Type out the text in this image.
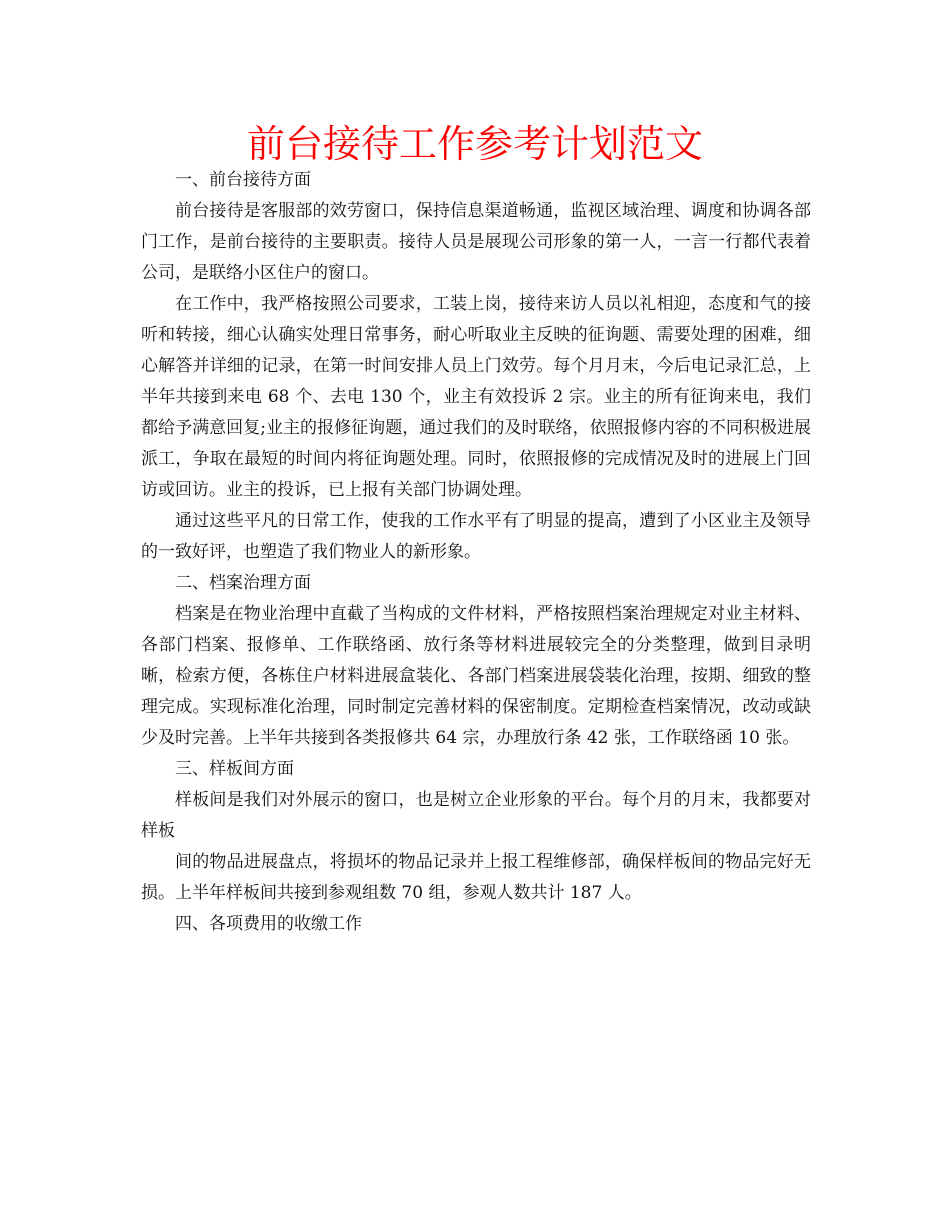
前台接待工作参考计划范文

一、前台接待方面

前台接待是客服部的效劳窗口，保持信息渠道畅通，监视区域治理、调度和协调各部门工作，是前台接待的主要职责。接待人员是展现公司形象的第一人，一言一行都代表着公司，是联络小区住户的窗口。

在工作中，我严格按照公司要求，工装上岗，接待来访人员以礼相迎，态度和气的接听和转接，细心认确实处理日常事务，耐心听取业主反映的征询题、需要处理的困难，细心解答并详细的记录，在第一时间安排人员上门效劳。每个月月末，今后电记录汇总，上半年共接到来电 68 个、去电 130 个，业主有效投诉 2 宗。业主的所有征询来电，我们都给予满意回复;业主的报修征询题，通过我们的及时联络，依照报修内容的不同积极进展派工，争取在最短的时间内将征询题处理。同时，依照报修的完成情况及时的进展上门回访或回访。业主的投诉，已上报有关部门协调处理。

通过这些平凡的日常工作，使我的工作水平有了明显的提高，遭到了小区业主及领导的一致好评，也塑造了我们物业人的新形象。

二、档案治理方面

档案是在物业治理中直截了当构成的文件材料，严格按照档案治理规定对业主材料、各部门档案、报修单、工作联络函、放行条等材料进展较完全的分类整理，做到目录明晰，检索方便，各栋住户材料进展盒装化、各部门档案进展袋装化治理，按期、细致的整理完成。实现标准化治理，同时制定完善材料的保密制度。定期检查档案情况，改动或缺少及时完善。上半年共接到各类报修共 64 宗，办理放行条 42 张，工作联络函 10 张。

三、样板间方面

样板间是我们对外展示的窗口，也是树立企业形象的平台。每个月的月末，我都要对样板

间的物品进展盘点，将损坏的物品记录并上报工程维修部，确保样板间的物品完好无损。上半年样板间共接到参观组数 70 组，参观人数共计 187 人。

四、各项费用的收缴工作
